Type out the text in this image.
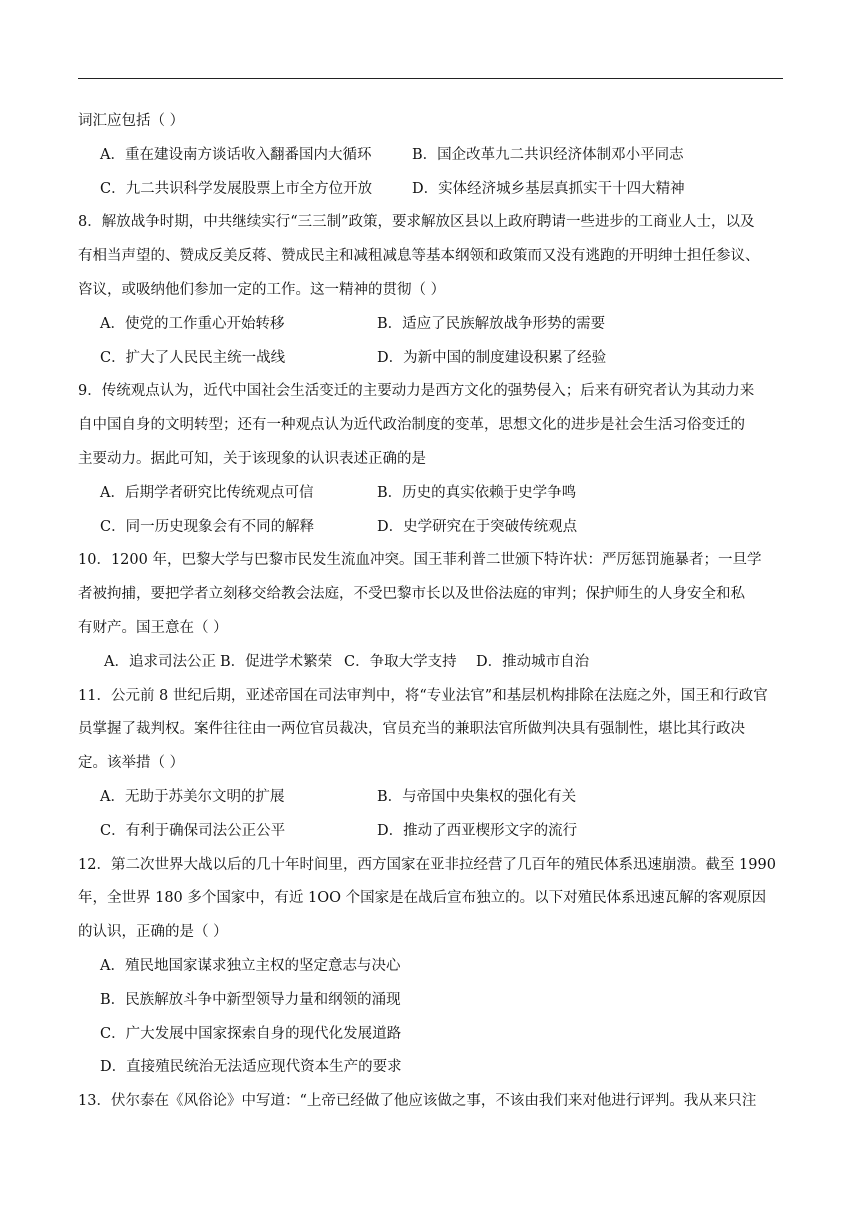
词汇应包括（ ）
A．重在建设南方谈话收入翻番国内大循环	B．国企改革九二共识经济体制邓小平同志
C．九二共识科学发展股票上市全方位开放	D．实体经济城乡基层真抓实干十四大精神
8．解放战争时期，中共继续实行“三三制”政策，要求解放区县以上政府聘请一些进步的工商业人士，以及
有相当声望的、赞成反美反蒋、赞成民主和减租减息等基本纲领和政策而又没有逃跑的开明绅士担任参议、
咨议，或吸纳他们参加一定的工作。这一精神的贯彻（ ）
A．使党的工作重心开始转移	B．适应了民族解放战争形势的需要
C．扩大了人民民主统一战线	D．为新中国的制度建设积累了经验
9．传统观点认为，近代中国社会生活变迁的主要动力是西方文化的强势侵入；后来有研究者认为其动力来
自中国自身的文明转型；还有一种观点认为近代政治制度的变革，思想文化的进步是社会生活习俗变迁的
主要动力。据此可知，关于该现象的认识表述正确的是
A．后期学者研究比传统观点可信	B．历史的真实依赖于史学争鸣
C．同一历史现象会有不同的解释	D．史学研究在于突破传统观点
10．1200 年，巴黎大学与巴黎市民发生流血冲突。国王菲利普二世颁下特许状：严厉惩罚施暴者；一旦学
者被拘捕，要把学者立刻移交给教会法庭，不受巴黎市长以及世俗法庭的审判；保护师生的人身安全和私
有财产。国王意在（ ）
A．追求司法公正 B．促进学术繁荣 C．争取大学支持 D．推动城市自治
11．公元前 8 世纪后期，亚述帝国在司法审判中，将“专业法官”和基层机构排除在法庭之外，国王和行政官
员掌握了裁判权。案件往往由一两位官员裁决，官员充当的兼职法官所做判决具有强制性，堪比其行政决
定。该举措（ ）
A．无助于苏美尔文明的扩展	B．与帝国中央集权的强化有关
C．有利于确保司法公正公平	D．推动了西亚楔形文字的流行
12．第二次世界大战以后的几十年时间里，西方国家在亚非拉经营了几百年的殖民体系迅速崩溃。截至 1990
年，全世界 180 多个国家中，有近 1OO 个国家是在战后宣布独立的。以下对殖民体系迅速瓦解的客观原因
的认识，正确的是（ ）
A．殖民地国家谋求独立主权的坚定意志与决心
B．民族解放斗争中新型领导力量和纲领的涌现
C．广大发展中国家探索自身的现代化发展道路
D．直接殖民统治无法适应现代资本生产的要求
13．伏尔泰在《风俗论》中写道：“上帝已经做了他应该做之事，不该由我们来对他进行评判。我从来只注
